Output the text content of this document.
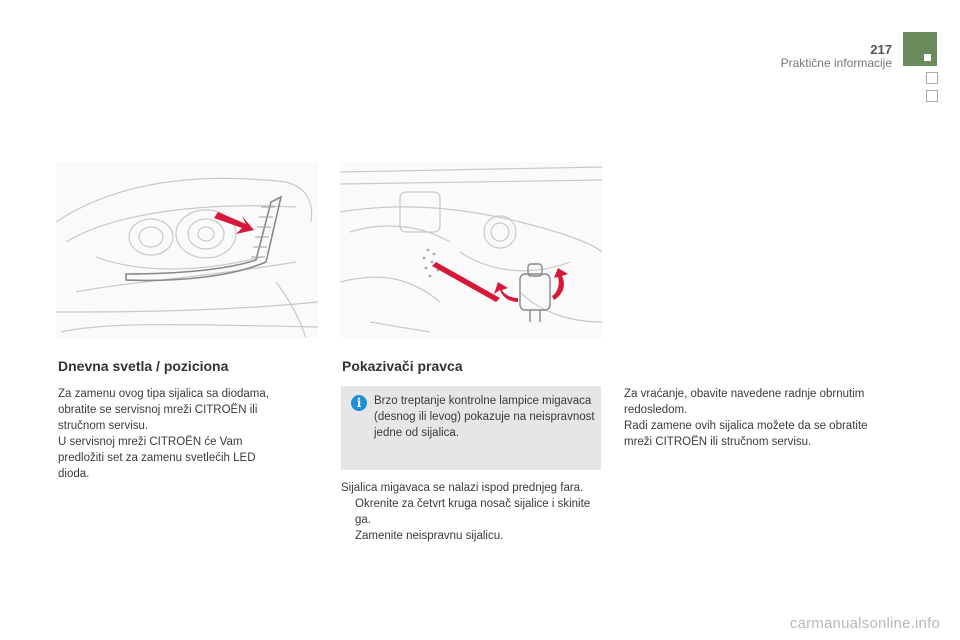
217
Praktične informacije
Dnevna svetla / poziciona

Za zamenu ovog tipa sijalica sa diodama, obratite se servisnoj mreži CITROËN ili stručnom servisu.

U servisnoj mreži CITROËN će Vam predložiti set za zamenu svetlećih LED dioda.

Pokazivači pravca
i	Brzo treptanje kontrolne lampice migavaca (desnog ili levog) pokazuje na neispravnost jedne od sijalica.

Sijalica migavaca se nalazi ispod prednjeg fara.

Okrenite za četvrt kruga nosač sijalice i skinite ga.
Zamenite neispravnu sijalicu.

Za vraćanje, obavite navedene radnje obrnutim redosledom.

Radi zamene ovih sijalica možete da se obratite mreži CITROËN ili stručnom servisu.

carmanualsonline.info
